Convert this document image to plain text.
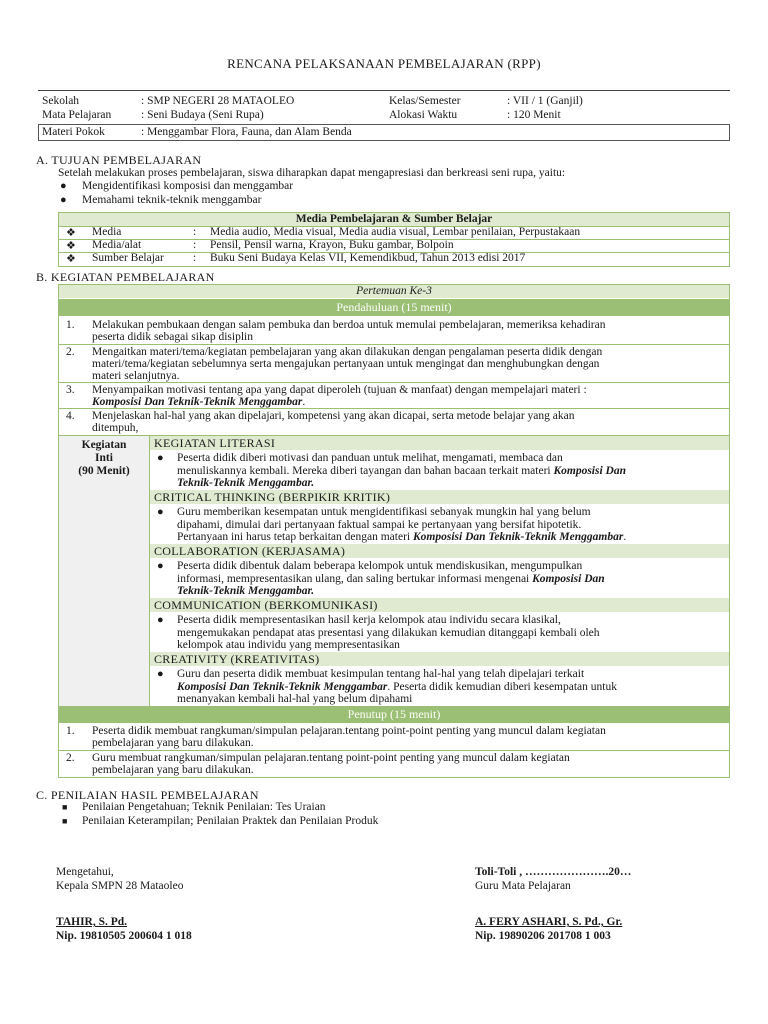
RENCANA PELAKSANAAN PEMBELAJARAN (RPP)
Sekolah	: SMP NEGERI 28 MATAOLEO	Kelas/Semester	: VII / 1 (Ganjil)
Mata Pelajaran	: Seni Budaya (Seni Rupa)	Alokasi Waktu	: 120 Menit
Materi Pokok	: Menggambar Flora, Fauna, dan Alam Benda
A. TUJUAN PEMBELAJARAN
Setelah melakukan proses pembelajaran, siswa diharapkan dapat mengapresiasi dan berkreasi seni rupa, yaitu:
● Mengidentifikasi komposisi dan menggambar
● Memahami teknik-teknik menggambar
Media Pembelajaran & Sumber Belajar
❖ Media	: Media audio, Media visual, Media audia visual, Lembar penilaian, Perpustakaan
❖ Media/alat	: Pensil, Pensil warna, Krayon, Buku gambar, Bolpoin
❖ Sumber Belajar	: Buku Seni Budaya Kelas VII, Kemendikbud, Tahun 2013 edisi 2017
B. KEGIATAN PEMBELAJARAN
Pertemuan Ke-3
Pendahuluan (15 menit)
1. Melakukan pembukaan dengan salam pembuka dan berdoa untuk memulai pembelajaran, memeriksa kehadiran
peserta didik sebagai sikap disiplin
2. Mengaitkan materi/tema/kegiatan pembelajaran yang akan dilakukan dengan pengalaman peserta didik dengan
materi/tema/kegiatan sebelumnya serta mengajukan pertanyaan untuk mengingat dan menghubungkan dengan
materi selanjutnya.
3. Menyampaikan motivasi tentang apa yang dapat diperoleh (tujuan & manfaat) dengan mempelajari materi :
Komposisi Dan Teknik-Teknik Menggambar.
4. Menjelaskan hal-hal yang akan dipelajari, kompetensi yang akan dicapai, serta metode belajar yang akan
ditempuh,
Kegiatan
Inti
(90 Menit)
KEGIATAN LITERASI
● Peserta didik diberi motivasi dan panduan untuk melihat, mengamati, membaca dan
menuliskannya kembali. Mereka diberi tayangan dan bahan bacaan terkait materi Komposisi Dan
Teknik-Teknik Menggambar.
CRITICAL THINKING (BERPIKIR KRITIK)
● Guru memberikan kesempatan untuk mengidentifikasi sebanyak mungkin hal yang belum
dipahami, dimulai dari pertanyaan faktual sampai ke pertanyaan yang bersifat hipotetik.
Pertanyaan ini harus tetap berkaitan dengan materi Komposisi Dan Teknik-Teknik Menggambar.
COLLABORATION (KERJASAMA)
● Peserta didik dibentuk dalam beberapa kelompok untuk mendiskusikan, mengumpulkan
informasi, mempresentasikan ulang, dan saling bertukar informasi mengenai Komposisi Dan
Teknik-Teknik Menggambar.
COMMUNICATION (BERKOMUNIKASI)
● Peserta didik mempresentasikan hasil kerja kelompok atau individu secara klasikal,
mengemukakan pendapat atas presentasi yang dilakukan kemudian ditanggapi kembali oleh
kelompok atau individu yang mempresentasikan
CREATIVITY (KREATIVITAS)
● Guru dan peserta didik membuat kesimpulan tentang hal-hal yang telah dipelajari terkait
Komposisi Dan Teknik-Teknik Menggambar. Peserta didik kemudian diberi kesempatan untuk
menanyakan kembali hal-hal yang belum dipahami
Penutup (15 menit)
1. Peserta didik membuat rangkuman/simpulan pelajaran.tentang point-point penting yang muncul dalam kegiatan
pembelajaran yang baru dilakukan.
2. Guru membuat rangkuman/simpulan pelajaran.tentang point-point penting yang muncul dalam kegiatan
pembelajaran yang baru dilakukan.
C. PENILAIAN HASIL PEMBELAJARAN
■ Penilaian Pengetahuan; Teknik Penilaian: Tes Uraian
■ Penilaian Keterampilan; Penilaian Praktek dan Penilaian Produk
Mengetahui,
Kepala SMPN 28 Mataoleo
TAHIR, S. Pd.
Nip. 19810505 200604 1 018
Toli-Toli , ………………….20…
Guru Mata Pelajaran
A. FERY ASHARI, S. Pd., Gr.
Nip. 19890206 201708 1 003
